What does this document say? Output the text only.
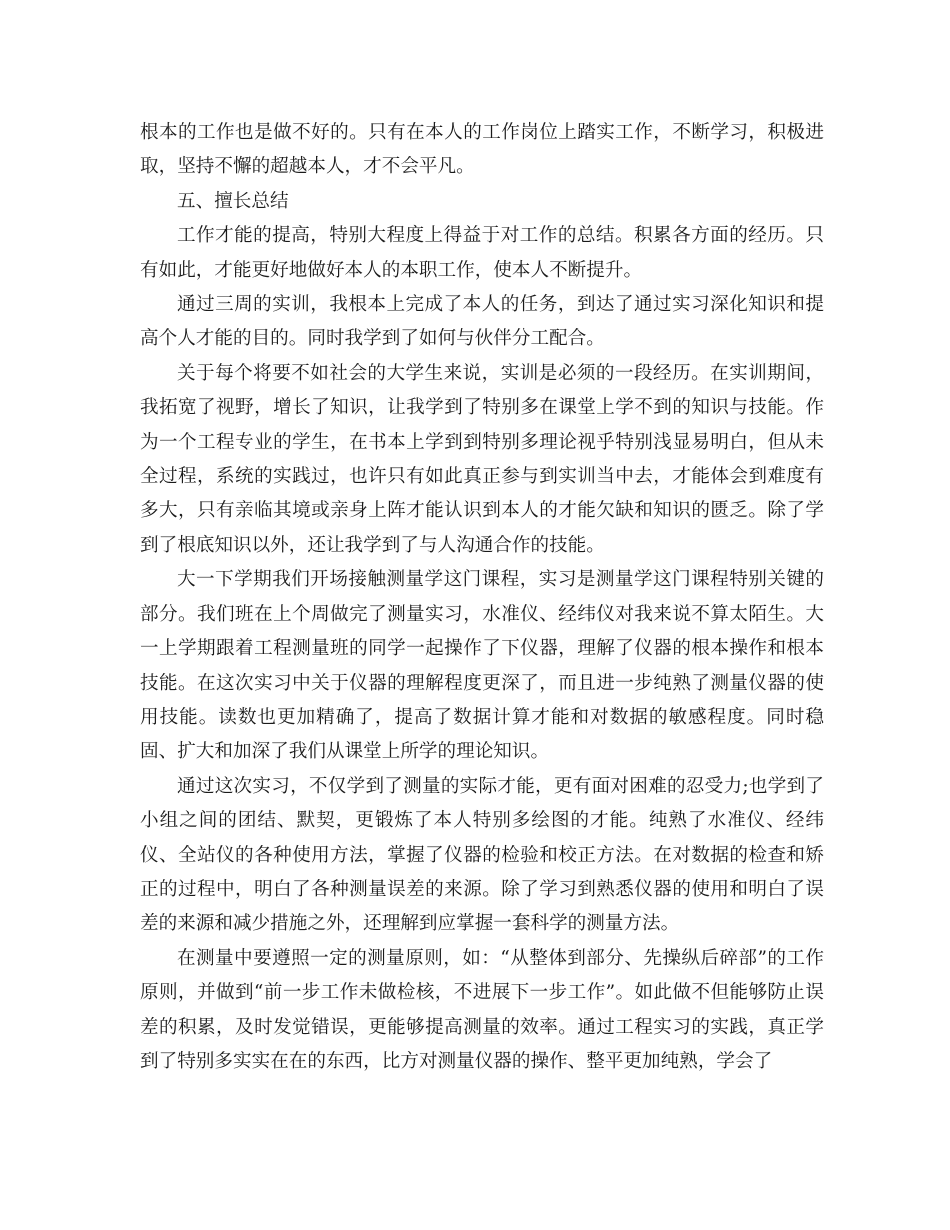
根本的工作也是做不好的。只有在本人的工作岗位上踏实工作，不断学习，积极进取，坚持不懈的超越本人，才不会平凡。

五、擅长总结

工作才能的提高，特别大程度上得益于对工作的总结。积累各方面的经历。只有如此，才能更好地做好本人的本职工作，使本人不断提升。

通过三周的实训，我根本上完成了本人的任务，到达了通过实习深化知识和提高个人才能的目的。同时我学到了如何与伙伴分工配合。

关于每个将要不如社会的大学生来说，实训是必须的一段经历。在实训期间，我拓宽了视野，增长了知识，让我学到了特别多在课堂上学不到的知识与技能。作为一个工程专业的学生，在书本上学到到特别多理论视乎特别浅显易明白，但从未全过程，系统的实践过，也许只有如此真正参与到实训当中去，才能体会到难度有多大，只有亲临其境或亲身上阵才能认识到本人的才能欠缺和知识的匮乏。除了学到了根底知识以外，还让我学到了与人沟通合作的技能。

大一下学期我们开场接触测量学这门课程，实习是测量学这门课程特别关键的部分。我们班在上个周做完了测量实习，水准仪、经纬仪对我来说不算太陌生。大一上学期跟着工程测量班的同学一起操作了下仪器，理解了仪器的根本操作和根本技能。在这次实习中关于仪器的理解程度更深了，而且进一步纯熟了测量仪器的使用技能。读数也更加精确了，提高了数据计算才能和对数据的敏感程度。同时稳固、扩大和加深了我们从课堂上所学的理论知识。

通过这次实习，不仅学到了测量的实际才能，更有面对困难的忍受力;也学到了小组之间的团结、默契，更锻炼了本人特别多绘图的才能。纯熟了水准仪、经纬仪、全站仪的各种使用方法，掌握了仪器的检验和校正方法。在对数据的检查和矫正的过程中，明白了各种测量误差的来源。除了学习到熟悉仪器的使用和明白了误差的来源和减少措施之外，还理解到应掌握一套科学的测量方法。

在测量中要遵照一定的测量原则，如：“从整体到部分、先操纵后碎部”的工作原则，并做到“前一步工作未做检核，不进展下一步工作”。如此做不但能够防止误差的积累，及时发觉错误，更能够提高测量的效率。通过工程实习的实践，真正学到了特别多实实在在的东西，比方对测量仪器的操作、整平更加纯熟，学会了
